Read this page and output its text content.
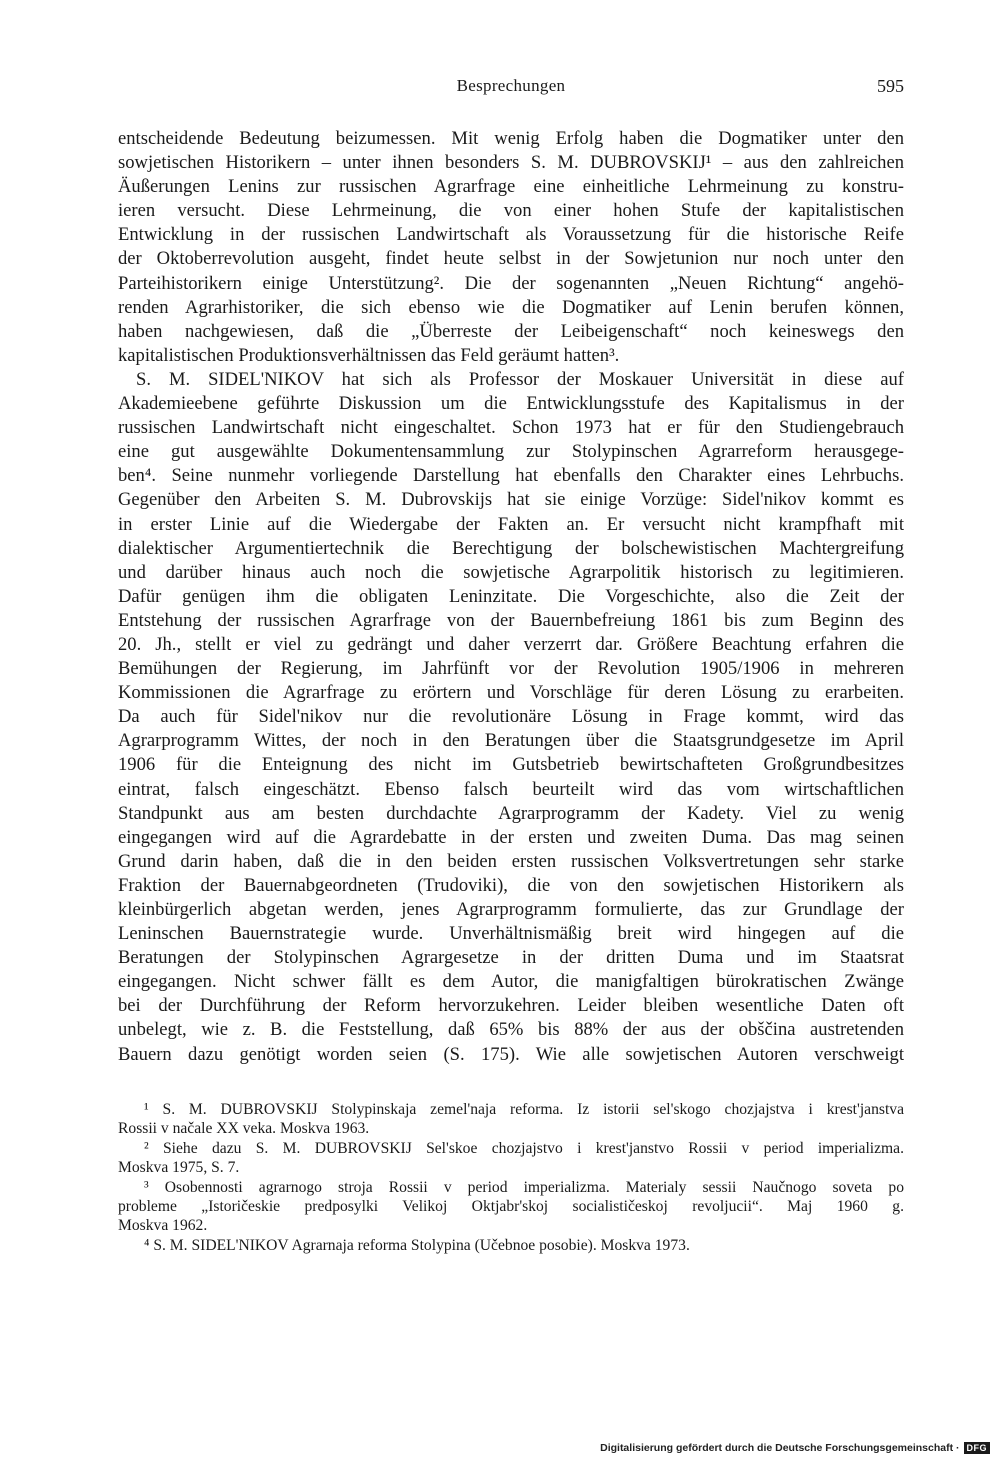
Besprechungen	595
entscheidende Bedeutung beizumessen. Mit wenig Erfolg haben die Dogmatiker unter den
sowjetischen Historikern – unter ihnen besonders S. M. DUBROVSKIJ¹ – aus den zahlreichen
Äußerungen Lenins zur russischen Agrarfrage eine einheitliche Lehrmeinung zu konstru-
ieren versucht. Diese Lehrmeinung, die von einer hohen Stufe der kapitalistischen
Entwicklung in der russischen Landwirtschaft als Voraussetzung für die historische Reife
der Oktoberrevolution ausgeht, findet heute selbst in der Sowjetunion nur noch unter den
Parteihistorikern einige Unterstützung². Die der sogenannten „Neuen Richtung“ angehö-
renden Agrarhistoriker, die sich ebenso wie die Dogmatiker auf Lenin berufen können,
haben nachgewiesen, daß die „Überreste der Leibeigenschaft“ noch keineswegs den
kapitalistischen Produktionsverhältnissen das Feld geräumt hatten³.
S. M. SIDEL'NIKOV hat sich als Professor der Moskauer Universität in diese auf
Akademieebene geführte Diskussion um die Entwicklungsstufe des Kapitalismus in der
russischen Landwirtschaft nicht eingeschaltet. Schon 1973 hat er für den Studiengebrauch
eine gut ausgewählte Dokumentensammlung zur Stolypinschen Agrarreform herausgege-
ben⁴. Seine nunmehr vorliegende Darstellung hat ebenfalls den Charakter eines Lehrbuchs.
Gegenüber den Arbeiten S. M. Dubrovskijs hat sie einige Vorzüge: Sidel'nikov kommt es
in erster Linie auf die Wiedergabe der Fakten an. Er versucht nicht krampfhaft mit
dialektischer Argumentiertechnik die Berechtigung der bolschewistischen Machtergreifung
und darüber hinaus auch noch die sowjetische Agrarpolitik historisch zu legitimieren.
Dafür genügen ihm die obligaten Leninzitate. Die Vorgeschichte, also die Zeit der
Entstehung der russischen Agrarfrage von der Bauernbefreiung 1861 bis zum Beginn des
20. Jh., stellt er viel zu gedrängt und daher verzerrt dar. Größere Beachtung erfahren die
Bemühungen der Regierung, im Jahrfünft vor der Revolution 1905/1906 in mehreren
Kommissionen die Agrarfrage zu erörtern und Vorschläge für deren Lösung zu erarbeiten.
Da auch für Sidel'nikov nur die revolutionäre Lösung in Frage kommt, wird das
Agrarprogramm Wittes, der noch in den Beratungen über die Staatsgrundgesetze im April
1906 für die Enteignung des nicht im Gutsbetrieb bewirtschafteten Großgrundbesitzes
eintrat, falsch eingeschätzt. Ebenso falsch beurteilt wird das vom wirtschaftlichen
Standpunkt aus am besten durchdachte Agrarprogramm der Kadety. Viel zu wenig
eingegangen wird auf die Agrardebatte in der ersten und zweiten Duma. Das mag seinen
Grund darin haben, daß die in den beiden ersten russischen Volksvertretungen sehr starke
Fraktion der Bauernabgeordneten (Trudoviki), die von den sowjetischen Historikern als
kleinbürgerlich abgetan werden, jenes Agrarprogramm formulierte, das zur Grundlage der
Leninschen Bauernstrategie wurde. Unverhältnismäßig breit wird hingegen auf die
Beratungen der Stolypinschen Agrargesetze in der dritten Duma und im Staatsrat
eingegangen. Nicht schwer fällt es dem Autor, die manigfaltigen bürokratischen Zwänge
bei der Durchführung der Reform hervorzukehren. Leider bleiben wesentliche Daten oft
unbelegt, wie z. B. die Feststellung, daß 65% bis 88% der aus der obščina austretenden
Bauern dazu genötigt worden seien (S. 175). Wie alle sowjetischen Autoren verschweigt
¹ S. M. DUBROVSKIJ Stolypinskaja zemel'naja reforma. Iz istorii sel'skogo chozjajstva i krest'janstva
Rossii v načale XX veka. Moskva 1963.
² Siehe dazu S. M. DUBROVSKIJ Sel'skoe chozjajstvo i krest'janstvo Rossii v period imperializma.
Moskva 1975, S. 7.
³ Osobennosti agrarnogo stroja Rossii v period imperializma. Materialy sessii Naučnogo soveta po
probleme „Istoričeskie predposylki Velikoj Oktjabr'skoj socialističeskoj revoljucii“. Maj 1960 g.
Moskva 1962.
⁴ S. M. SIDEL'NIKOV Agrarnaja reforma Stolypina (Učebnoe posobie). Moskva 1973.
Digitalisierung gefördert durch die Deutsche Forschungsgemeinschaft · DFG
